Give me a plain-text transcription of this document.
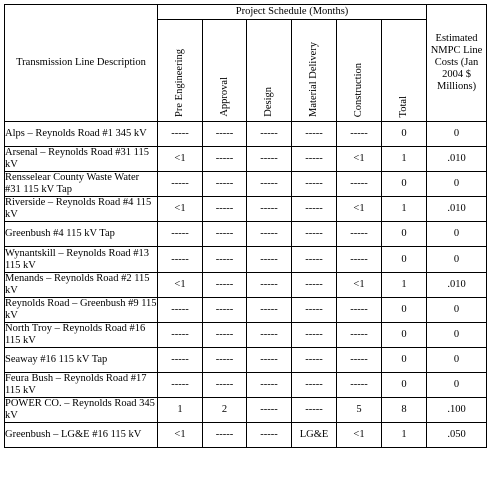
Transmission Line Description	Project Schedule (Months)						Estimated NMPC Line Costs (Jan 2004 $ Millions)

	Pre Engineering	Approval	Design	Material Delivery	Construction	Total	

Alps – Reynolds Road #1 345 kV	-----	-----	-----	-----	-----	0	0
Arsenal – Reynolds Road #31 115 kV	<1	-----	-----	-----	<1	1	.010
Rensselear County Waste Water #31 115 kV Tap	-----	-----	-----	-----	-----	0	0
Riverside – Reynolds Road #4 115 kV	<1	-----	-----	-----	<1	1	.010
Greenbush #4 115 kV Tap	-----	-----	-----	-----	-----	0	0
Wynantskill – Reynolds Road #13 115 kV	-----	-----	-----	-----	-----	0	0
Menands – Reynolds Road #2 115 kV	<1	-----	-----	-----	<1	1	.010
Reynolds Road – Greenbush #9 115 kV	-----	-----	-----	-----	-----	0	0
North Troy – Reynolds Road #16 115 kV	-----	-----	-----	-----	-----	0	0
Seaway #16 115 kV Tap	-----	-----	-----	-----	-----	0	0
Feura Bush – Reynolds Road #17 115 kV	-----	-----	-----	-----	-----	0	0
POWER CO. – Reynolds Road 345 kV	1	2	-----	-----	5	8	.100
Greenbush – LG&E #16 115 kV	<1	-----	-----	LG&E	<1	1	.050
